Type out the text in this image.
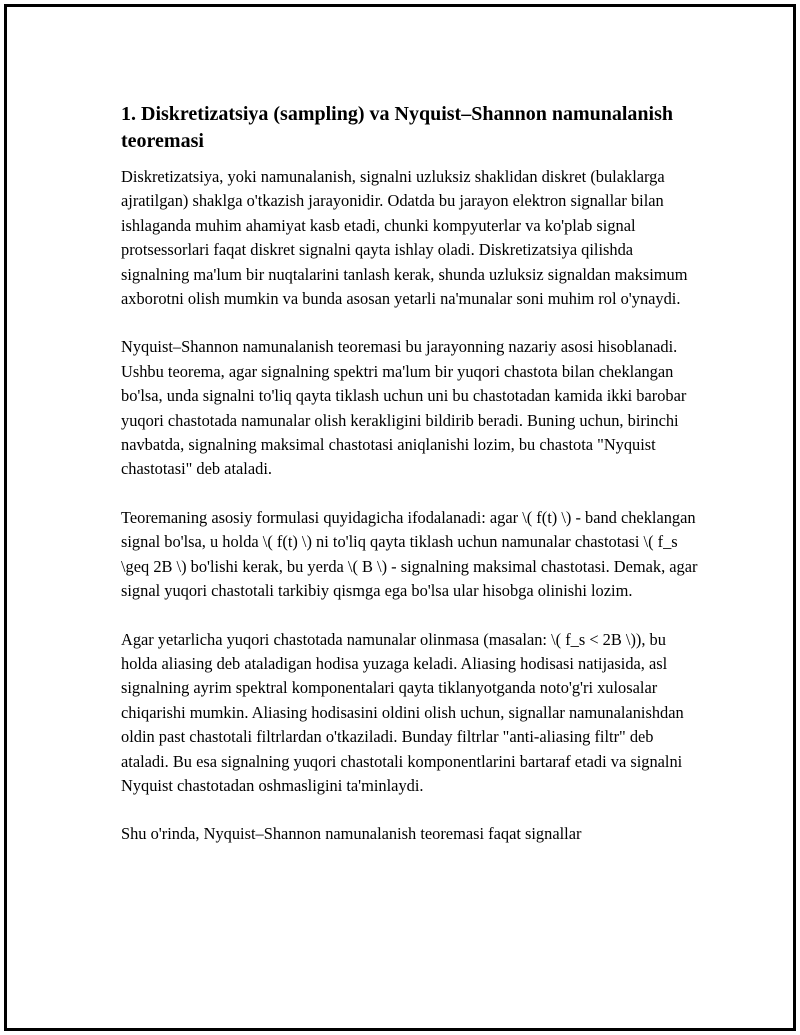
1. Diskretizatsiya (sampling) va Nyquist–Shannon namunalanish teoremasi

Diskretizatsiya, yoki namunalanish, signalni uzluksiz shaklidan diskret (bulaklarga ajratilgan) shaklga o'tkazish jarayonidir. Odatda bu jarayon elektron signallar bilan ishlaganda muhim ahamiyat kasb etadi, chunki kompyuterlar va ko'plab signal protsessorlari faqat diskret signalni qayta ishlay oladi. Diskretizatsiya qilishda signalning ma'lum bir nuqtalarini tanlash kerak, shunda uzluksiz signaldan maksimum axborotni olish mumkin va bunda asosan yetarli na'munalar soni muhim rol o'ynaydi.

Nyquist–Shannon namunalanish teoremasi bu jarayonning nazariy asosi hisoblanadi. Ushbu teorema, agar signalning spektri ma'lum bir yuqori chastota bilan cheklangan bo'lsa, unda signalni to'liq qayta tiklash uchun uni bu chastotadan kamida ikki barobar yuqori chastotada namunalar olish kerakligini bildirib beradi. Buning uchun, birinchi navbatda, signalning maksimal chastotasi aniqlanishi lozim, bu chastota "Nyquist chastotasi" deb ataladi.

Teoremaning asosiy formulasi quyidagicha ifodalanadi: agar \( f(t) \) - band cheklangan signal bo'lsa, u holda \( f(t) \) ni to'liq qayta tiklash uchun namunalar chastotasi \( f_s \geq 2B \) bo'lishi kerak, bu yerda \( B \) - signalning maksimal chastotasi. Demak, agar signal yuqori chastotali tarkibiy qismga ega bo'lsa ular hisobga olinishi lozim.

Agar yetarlicha yuqori chastotada namunalar olinmasa (masalan: \( f_s < 2B \)), bu holda aliasing deb ataladigan hodisa yuzaga keladi. Aliasing hodisasi natijasida, asl signalning ayrim spektral komponentalari qayta tiklanyotganda noto'g'ri xulosalar chiqarishi mumkin. Aliasing hodisasini oldini olish uchun, signallar namunalanishdan oldin past chastotali filtrlardan o'tkaziladi. Bunday filtrlar "anti-aliasing filtr" deb ataladi. Bu esa signalning yuqori chastotali komponentlarini bartaraf etadi va signalni Nyquist chastotadan oshmasligini ta'minlaydi.

Shu o'rinda, Nyquist–Shannon namunalanish teoremasi faqat signallar
